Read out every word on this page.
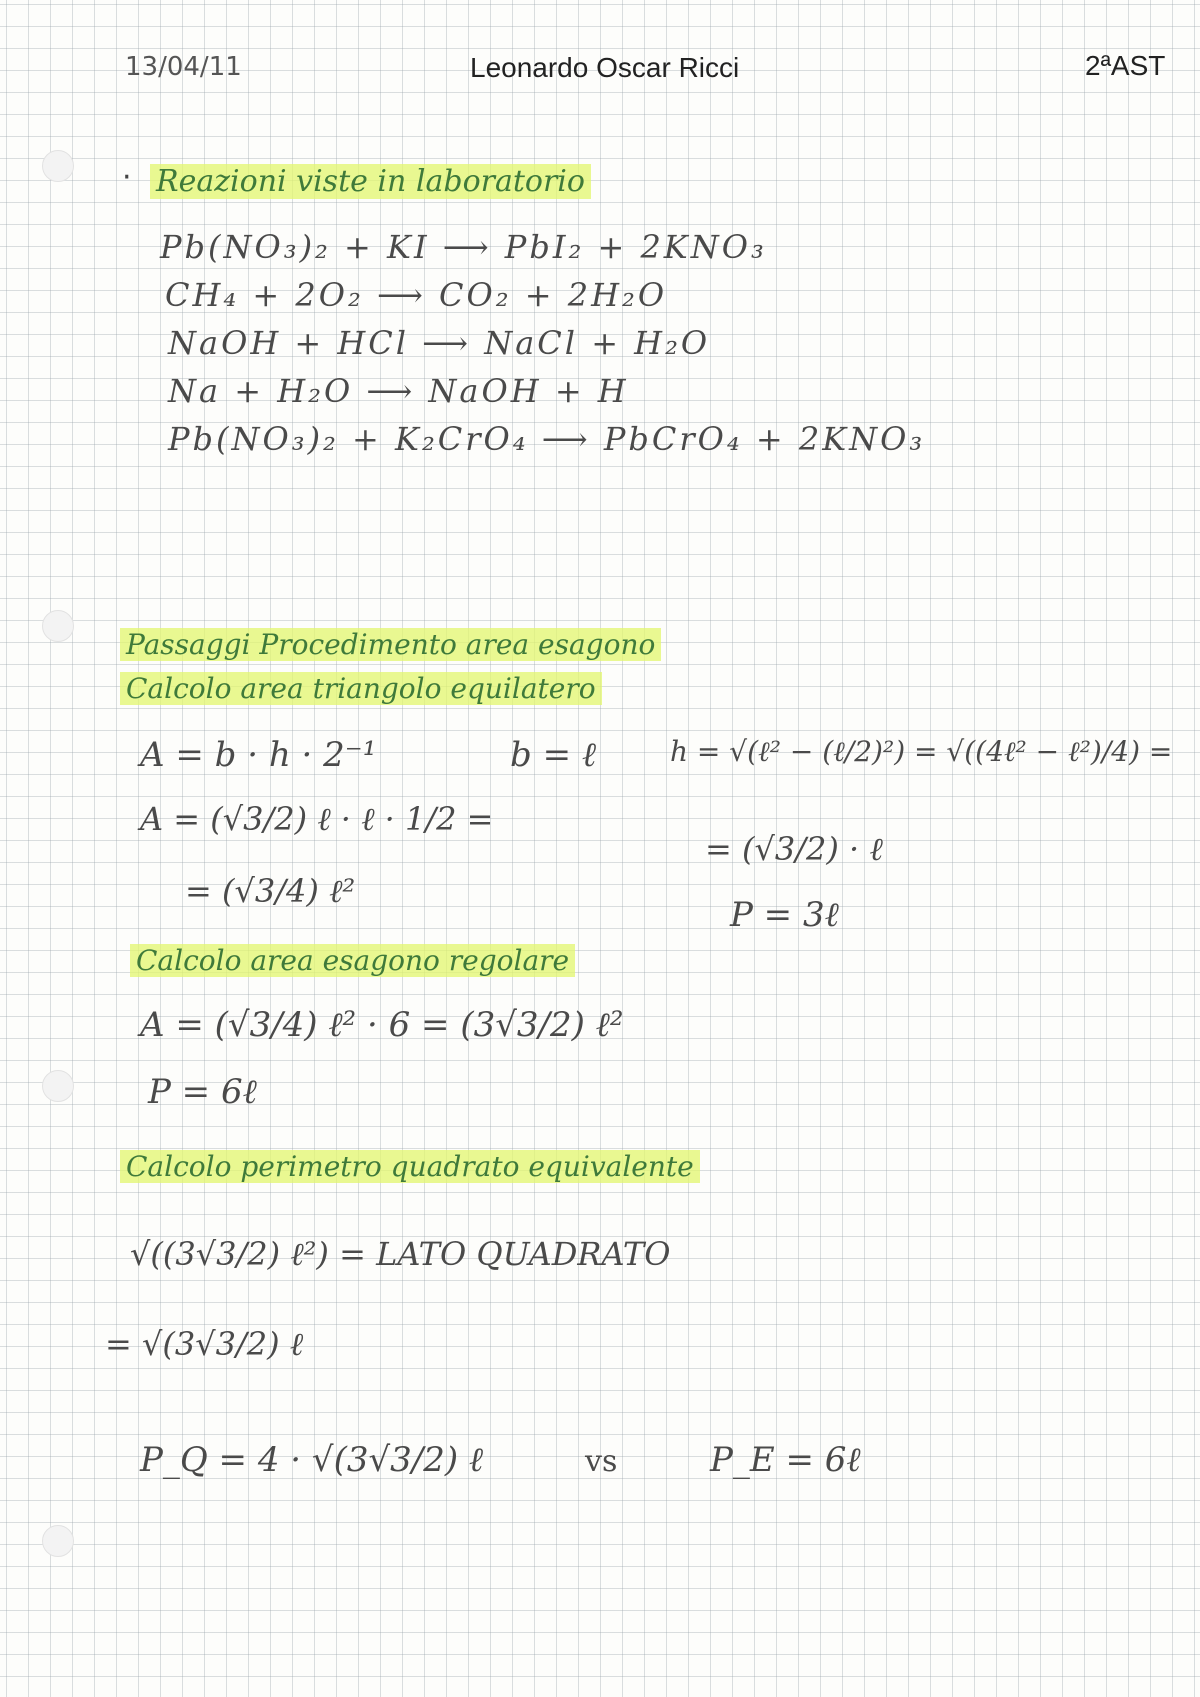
13/04/11	Leonardo Oscar Ricci	2ªAST
· Reazioni viste in laboratorio
Pb(NO₃)₂ + KI ⟶ PbI₂ + 2KNO₃
CH₄ + 2O₂ ⟶ CO₂ + 2H₂O
NaOH + HCl ⟶ NaCl + H₂O
Na + H₂O ⟶ NaOH + H
Pb(NO₃)₂ + K₂CrO₄ ⟶ PbCrO₄ + 2KNO₃
Passaggi Procedimento area esagono
Calcolo area triangolo equilatero
A = b · h · 2⁻¹	b = ℓ	h = √(ℓ² − (ℓ/2)²) = √((4ℓ² − ℓ²)/4) =
A = (√3/2) ℓ · ℓ · 1/2 =
= (√3/4) ℓ²
= (√3/2) · ℓ
P = 3ℓ
Calcolo area esagono regolare
A = (√3/4) ℓ² · 6 = (3√3/2) ℓ²
P = 6ℓ
Calcolo perimetro quadrato equivalente
√((3√3/2) ℓ²) = LATO QUADRATO
= √(3√3/2) ℓ
P_Q = 4 · √(3√3/2) ℓ	vs	P_E = 6ℓ
